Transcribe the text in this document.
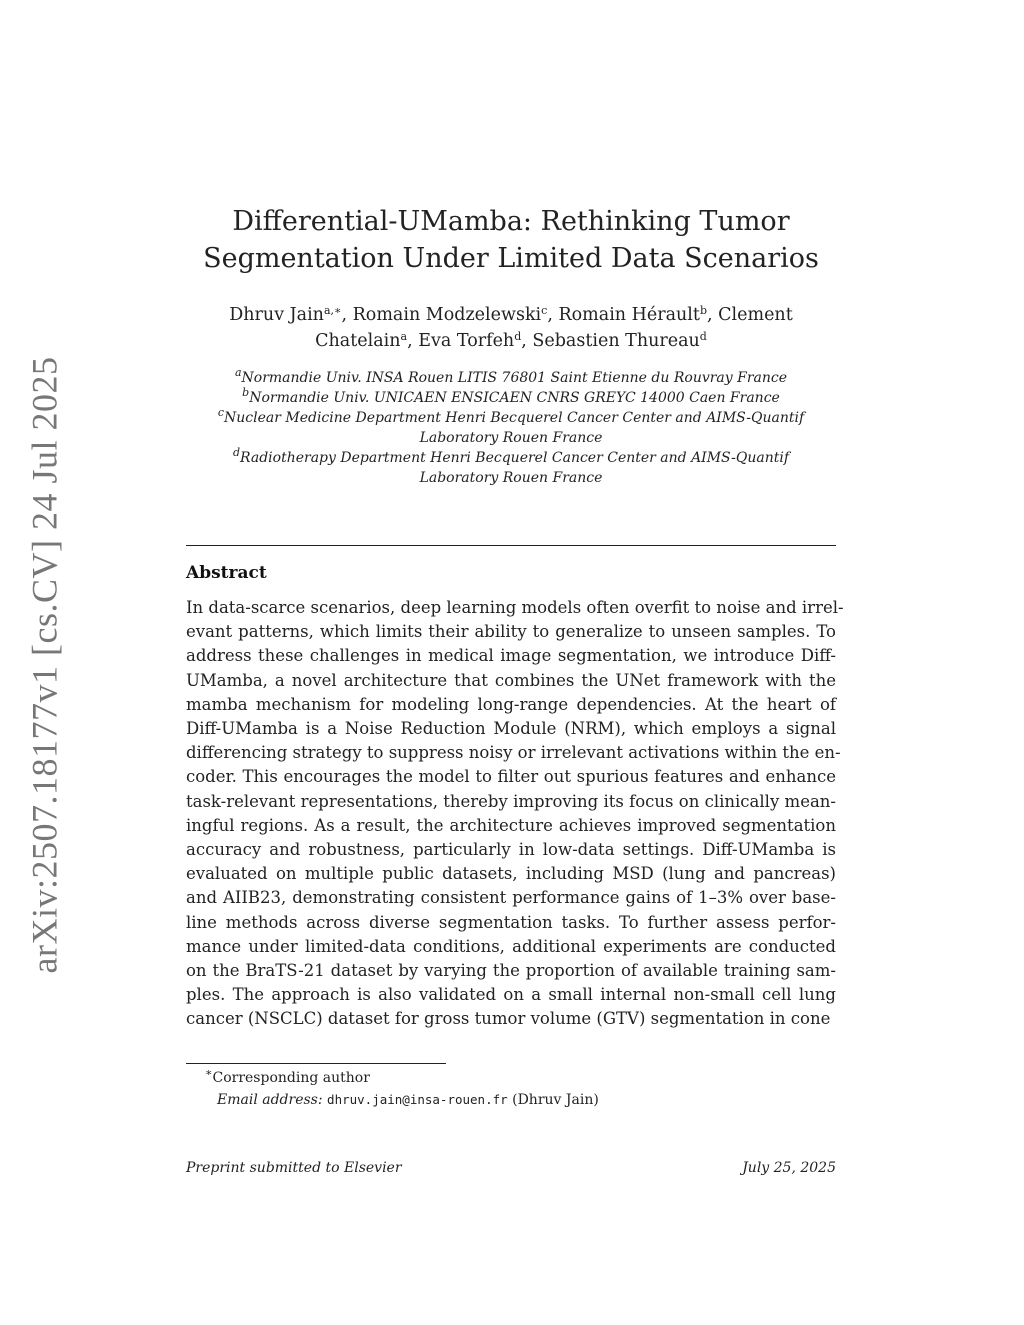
arXiv:2507.18177v1 [cs.CV] 24 Jul 2025
Differential-UMamba: Rethinking Tumor
Segmentation Under Limited Data Scenarios
Dhruv Jain$^{a,∗}$, Romain Modzelewski$^c$, Romain Hérault$^b$, Clement
Chatelain$^a$, Eva Torfeh$^d$, Sebastien Thureau$^d$
$^a$Normandie Univ. INSA Rouen LITIS 76801 Saint Etienne du Rouvray France
$^b$Normandie Univ. UNICAEN ENSICAEN CNRS GREYC 14000 Caen France
$^c$Nuclear Medicine Department Henri Becquerel Cancer Center and AIMS-Quantif
Laboratory Rouen France
$^d$Radiotherapy Department Henri Becquerel Cancer Center and AIMS-Quantif
Laboratory Rouen France
Abstract
In data-scarce scenarios, deep learning models often overfit to noise and irrel-
evant patterns, which limits their ability to generalize to unseen samples. To
address these challenges in medical image segmentation, we introduce Diff-
UMamba, a novel architecture that combines the UNet framework with the
mamba mechanism for modeling long-range dependencies. At the heart of
Diff-UMamba is a Noise Reduction Module (NRM), which employs a signal
differencing strategy to suppress noisy or irrelevant activations within the en-
coder. This encourages the model to filter out spurious features and enhance
task-relevant representations, thereby improving its focus on clinically mean-
ingful regions. As a result, the architecture achieves improved segmentation
accuracy and robustness, particularly in low-data settings. Diff-UMamba is
evaluated on multiple public datasets, including MSD (lung and pancreas)
and AIIB23, demonstrating consistent performance gains of 1–3% over base-
line methods across diverse segmentation tasks. To further assess perfor-
mance under limited-data conditions, additional experiments are conducted
on the BraTS-21 dataset by varying the proportion of available training sam-
ples. The approach is also validated on a small internal non-small cell lung
cancer (NSCLC) dataset for gross tumor volume (GTV) segmentation in cone
∗Corresponding author
Email address: dhruv.jain@insa-rouen.fr (Dhruv Jain)
Preprint submitted to Elsevier	July 25, 2025
